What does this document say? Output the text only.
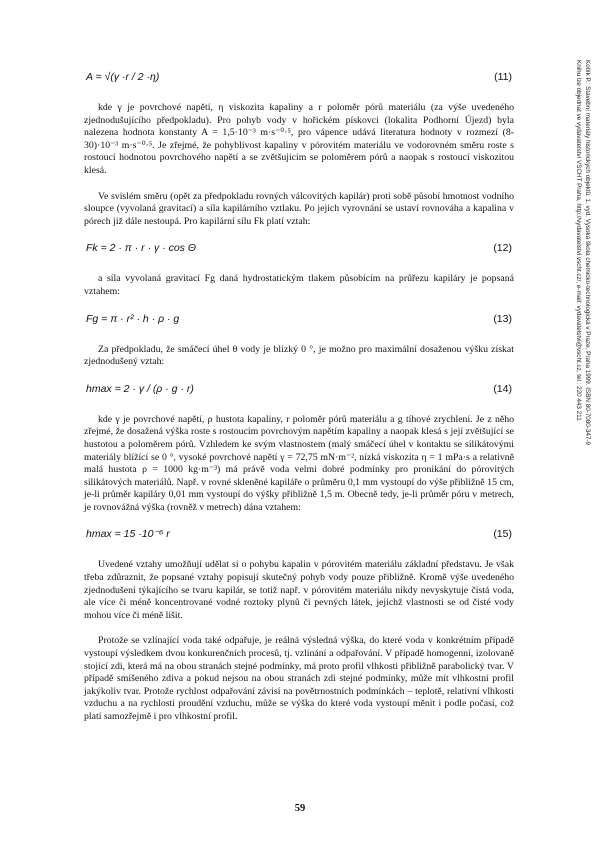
A = √(γ ·r / 2 ·η)	(11)

kde γ je povrchové napětí, η viskozita kapaliny a r poloměr pórů materiálu (za výše uvedeného zjednodušujícího předpokladu). Pro pohyb vody v hořickém pískovci (lokalita Podhorní Újezd) byla nalezena hodnota konstanty A = 1,5·10⁻³ m·s⁻⁰·⁵, pro vápence udává literatura hodnoty v rozmezí (8-30)·10⁻³ m·s⁻⁰·⁵. Je zřejmé, že pohyblivost kapaliny v pórovitém materiálu ve vodorovném směru roste s rostoucí hodnotou povrchového napětí a se zvětšujícím se poloměrem pórů a naopak s rostoucí viskozitou klesá.

Ve svislém směru (opět za předpokladu rovných válcovitých kapilár) proti sobě působí hmotnost vodního sloupce (vyvolaná gravitací) a síla kapilárního vztlaku. Po jejich vyrovnání se ustaví rovnováha a kapalina v pórech již dále nestoupá. Pro kapilární sílu Fk platí vztah:

Fk = 2 · π · r · γ · cos Θ	(12)

a síla vyvolaná gravitací Fg daná hydrostatickým tlakem působícím na průřezu kapiláry je popsaná vztahem:

Fg = π · r² · h · ρ · g	(13)

Za předpokladu, že smáčecí úhel θ vody je blízký 0 °, je možno pro maximální dosaženou výšku získat zjednodušený vztah:

hmax = 2 · γ / (ρ · g · r)	(14)

kde γ je povrchové napětí, ρ hustota kapaliny, r poloměr pórů materiálu a g tíhové zrychlení. Je z něho zřejmé, že dosažená výška roste s rostoucím povrchovým napětím kapaliny a naopak klesá s její zvětšující se hustotou a poloměrem pórů. Vzhledem ke svým vlastnostem (malý smáčecí úhel v kontaktu se silikátovými materiály blížící se 0 °, vysoké povrchové napětí γ = 72,75 mN·m⁻², nízká viskozita η = 1 mPa·s a relativně malá hustota ρ = 1000 kg·m⁻³) má právě voda velmi dobré podmínky pro pronikání do pórovitých silikátových materiálů. Např. v rovné skleněné kapiláře o průměru 0,1 mm vystoupí do výše přibližně 15 cm, je-li průměr kapiláry 0,01 mm vystoupí do výšky přibližně 1,5 m. Obecně tedy, je-li průměr póru v metrech, je rovnovážná výška (rovněž v metrech) dána vztahem:

hmax = 15 ·10⁻⁶ r	(15)

Uvedené vztahy umožňují udělat si o pohybu kapalin v pórovitém materiálu základní představu. Je však třeba zdůraznit, že popsané vztahy popisují skutečný pohyb vody pouze přibližně. Kromě výše uvedeného zjednodušení týkajícího se tvaru kapilár, se totiž např. v pórovitém materiálu nikdy nevyskytuje čistá voda, ale více či méně koncentrované vodné roztoky plynů či pevných látek, jejichž vlastnosti se od čisté vody mohou více či méně lišit.

Protože se vzlínající voda také odpařuje, je reálná výsledná výška, do které voda v konkrétním případě vystoupí výsledkem dvou konkurenčních procesů, tj. vzlínání a odpařování. V případě homogenní, izolovaně stojící zdi, která má na obou stranách stejné podmínky, má proto profil vlhkosti přibližně parabolický tvar. V případě smíšeného zdiva a pokud nejsou na obou stranách zdi stejné podmínky, může mít vlhkostní profil jakýkoliv tvar. Protože rychlost odpařování závisí na povětrnostních podmínkách – teplotě, relativní vlhkosti vzduchu a na rychlosti proudění vzduchu, může se výška do které voda vystoupí měnit i podle počasí, což platí samozřejmě i pro vlhkostní profil.

59
Kotlík P.: Stavební materiály historických objektů. 1. vyd. Vysoká škola chemicko-technologická v Praze, Praha 1999. ISBN 80-7080-347-9
Knihu lze objednat ve vydavatelství VŠCHT Praha, http://vydavatelstvi.vscht.cz/, e-mail: vydavatelstvi@vscht.cz, tel.: 220 443 211
